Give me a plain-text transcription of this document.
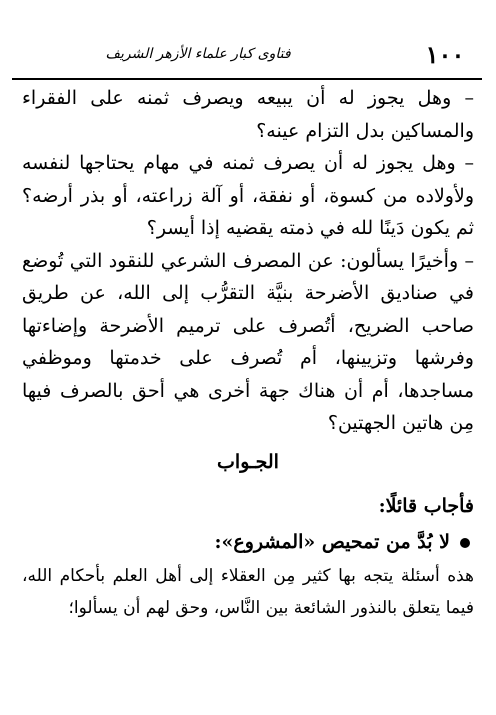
١٠٠
فتاوى كبار علماء الأزهر الشريف

– وهل يجوز له أن يبيعه ويصرف ثمنه على الفقراء والمساكين بدل التزام عينه؟

– وهل يجوز له أن يصرف ثمنه في مهام يحتاجها لنفسه ولأولاده من كسوة، أو نفقة، أو آلة زراعته، أو بذر أرضه؟ ثم يكون دَينًا لله في ذمته يقضيه إذا أيسر؟

– وأخيرًا يسألون: عن المصرف الشرعي للنقود التي تُوضع في صناديق الأضرحة بنيَّة التقرُّب إلى الله، عن طريق صاحب الضريح، أتُصرف على ترميم الأضرحة وإضاءتها وفرشها وتزيينها، أم تُصرف على خدمتها وموظفي مساجدها، أم أن هناك جهة أخرى هي أحق بالصرف فيها مِن هاتين الجهتين؟

الجـواب

فأجاب قائلًا:

لا بُدَّ من تمحيص «المشروع»:

هذه أسئلة يتجه بها كثير مِن العقلاء إلى أهل العلم بأحكام الله، فيما يتعلق بالنذور الشائعة بين النَّاس، وحق لهم أن يسألوا؛
